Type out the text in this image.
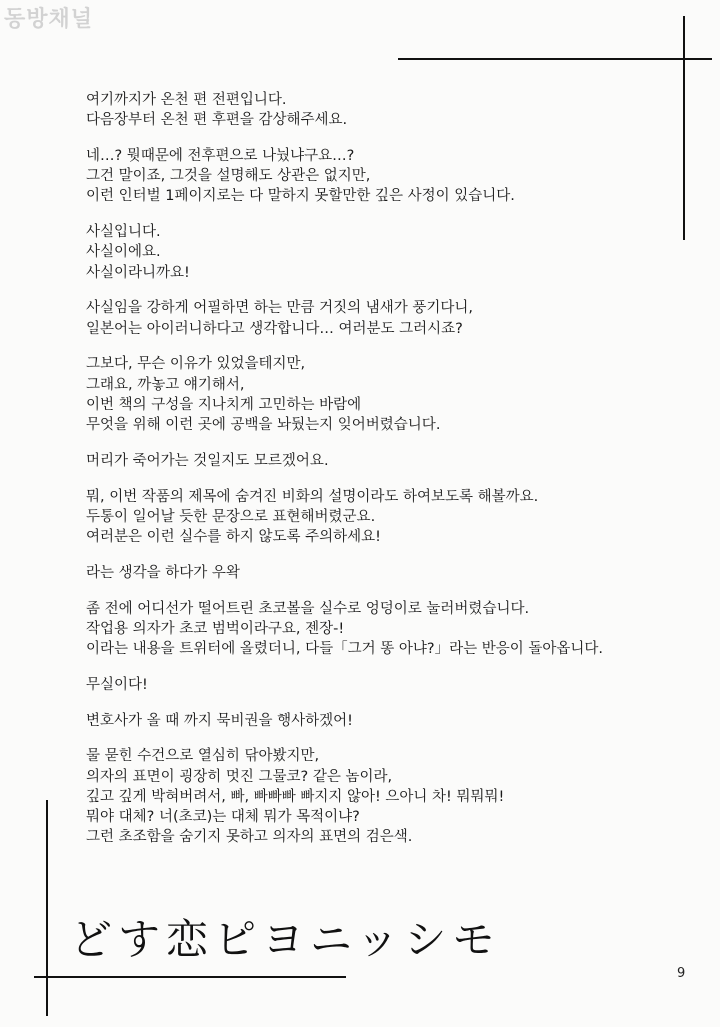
동방채널
여기까지가 온천 편 전편입니다.
다음장부터 온천 편 후편을 감상해주세요.
네…? 뭣때문에 전후편으로 나눴냐구요…?
그건 말이죠, 그것을 설명해도 상관은 없지만,
이런 인터벌 1페이지로는 다 말하지 못할만한 깊은 사정이 있습니다.
사실입니다.
사실이에요.
사실이라니까요!
사실임을 강하게 어필하면 하는 만큼 거짓의 냄새가 풍기다니,
일본어는 아이러니하다고 생각합니다… 여러분도 그러시죠?
그보다, 무슨 이유가 있었을테지만,
그래요, 까놓고 얘기해서,
이번 책의 구성을 지나치게 고민하는 바람에
무엇을 위해 이런 곳에 공백을 놔뒀는지 잊어버렸습니다.
머리가 죽어가는 것일지도 모르겠어요.
뭐, 이번 작품의 제목에 숨겨진 비화의 설명이라도 하여보도록 해볼까요.
두통이 일어날 듯한 문장으로 표현해버렸군요.
여러분은 이런 실수를 하지 않도록 주의하세요!
라는 생각을 하다가 우왁
좀 전에 어디선가 떨어트린 초코볼을 실수로 엉덩이로 눌러버렸습니다.
작업용 의자가 초코 범벅이라구요, 젠장-!
이라는 내용을 트위터에 올렸더니, 다들「그거 똥 아냐?」라는 반응이 돌아옵니다.
무실이다!
변호사가 올 때 까지 묵비권을 행사하겠어!
물 묻힌 수건으로 열심히 닦아봤지만,
의자의 표면이 굉장히 멋진 그물코? 같은 놈이라,
깊고 깊게 박혀버려서, 빠, 빠빠빠 빠지지 않아! 으아니 차! 뭐뭐뭐!
뭐야 대체? 너(초코)는 대체 뭐가 목적이냐?
그런 초조함을 숨기지 못하고 의자의 표면의 검은색.
どす恋ピヨニッシモ
9
